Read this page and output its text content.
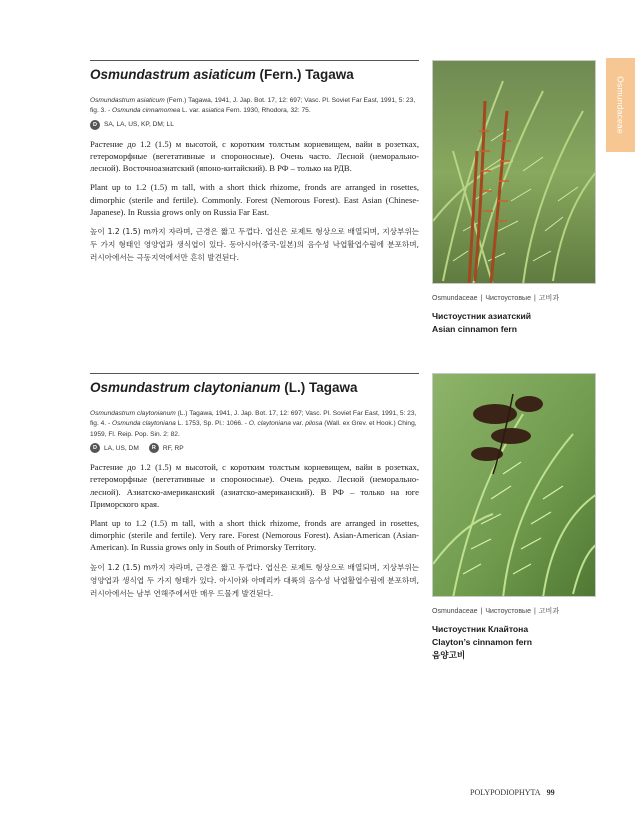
Osmundaceae
Osmundastrum asiaticum (Fern.) Tagawa
Osmundastrum asiaticum (Fern.) Tagawa, 1941, J. Jap. Bot. 17, 12: 697; Vasc. Pl. Soviet Far East, 1991, 5: 23, fig. 3. - Osmunda cinnamomea L. var. asiatica Fern. 1930, Rhodora, 32: 75.
D	SA, LA, US, KP, DM; LL

Растение до 1.2 (1.5) м высотой, с коротким толстым корневищем, вайи в розетках, гетероморфные (вегетативные и спороносные). Очень часто. Лесной (неморально-лесной). Восточноазиатский (японо-китайский). В РФ – только на РДВ.

Plant up to 1.2 (1.5) m tall, with a short thick rhizome, fronds are arranged in rosettes, dimorphic (sterile and fertile). Commonly. Forest (Nemorous Forest). East Asian (Chinese-Japanese). In Russia grows only on Russia Far East.

높이 1.2 (1.5) m까지 자라며, 근경은 짧고 두껍다. 엽신은 로제트 형상으로 배열되며, 지상부위는 두 가지 형태인 영양엽과 생식엽이 있다. 동아시아(중국-일본)의 음수성 낙엽활엽수림에 분포하며, 러시아에서는 극동지역에서만 흔히 발견된다.

Osmundaceae | Чистоустовые | 고비과
Чистоустник азиатский
Asian cinnamon fern
Osmundastrum claytonianum (L.) Tagawa
Osmundastrum claytonianum (L.) Tagawa, 1941, J. Jap. Bot. 17, 12: 697; Vasc. Pl. Soviet Far East, 1991, 5: 23, fig. 4. - Osmunda claytoniana L. 1753, Sp. Pl.: 1066. - O. claytoniana var. pilosa (Wall. ex Grev. et Hook.) Ching, 1959, Fl. Reip. Pop. Sin. 2: 82.
D	LA, US, DM	R	RF, RP

Растение до 1.2 (1.5) м высотой, с коротким толстым корневищем, вайи в розетках, гетероморфные (вегетативные и спороносные). Очень редко. Лесной (неморально-лесной). Азиатско-американский (азиатско-американский). В РФ – только на юге Приморского края.

Plant up to 1.2 (1.5) m tall, with a short thick rhizome, fronds are arranged in rosettes, dimorphic (sterile and fertile). Very rare. Forest (Nemorous Forest). Asian-American (Asian-American). In Russia grows only in South of Primorsky Territory.

높이 1.2 (1.5) m까지 자라며, 근경은 짧고 두껍다. 엽신은 로제트 형상으로 배열되며, 지상부위는 영양엽과 생식엽 두 가지 형태가 있다. 아시아와 아메리카 대륙의 음수성 낙엽활엽수림에 분포하며, 러시아에서는 남부 연해주에서만 매우 드물게 발견된다.

Osmundaceae | Чистоустовые | 고비과
Чистоустник Клайтона
Clayton’s cinnamon fern
음양고비
POLYPODIOPHYTA 99
